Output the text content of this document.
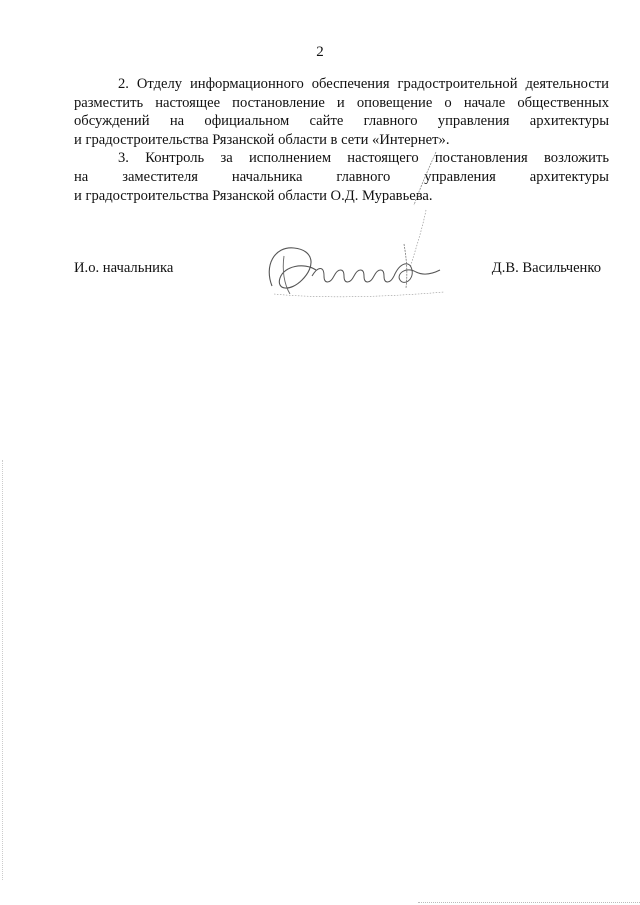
2

2. Отделу информационного обеспечения градостроительной деятельности
разместить настоящее постановление и оповещение о начале общественных
обсуждений на официальном сайте главного управления архитектуры
и градостроительства Рязанской области в сети «Интернет».

3. Контроль за исполнением настоящего постановления возложить
на заместителя начальника главного управления архитектуры
и градостроительства Рязанской области О.Д. Муравьева.

И.о. начальника	Д.В. Васильченко
